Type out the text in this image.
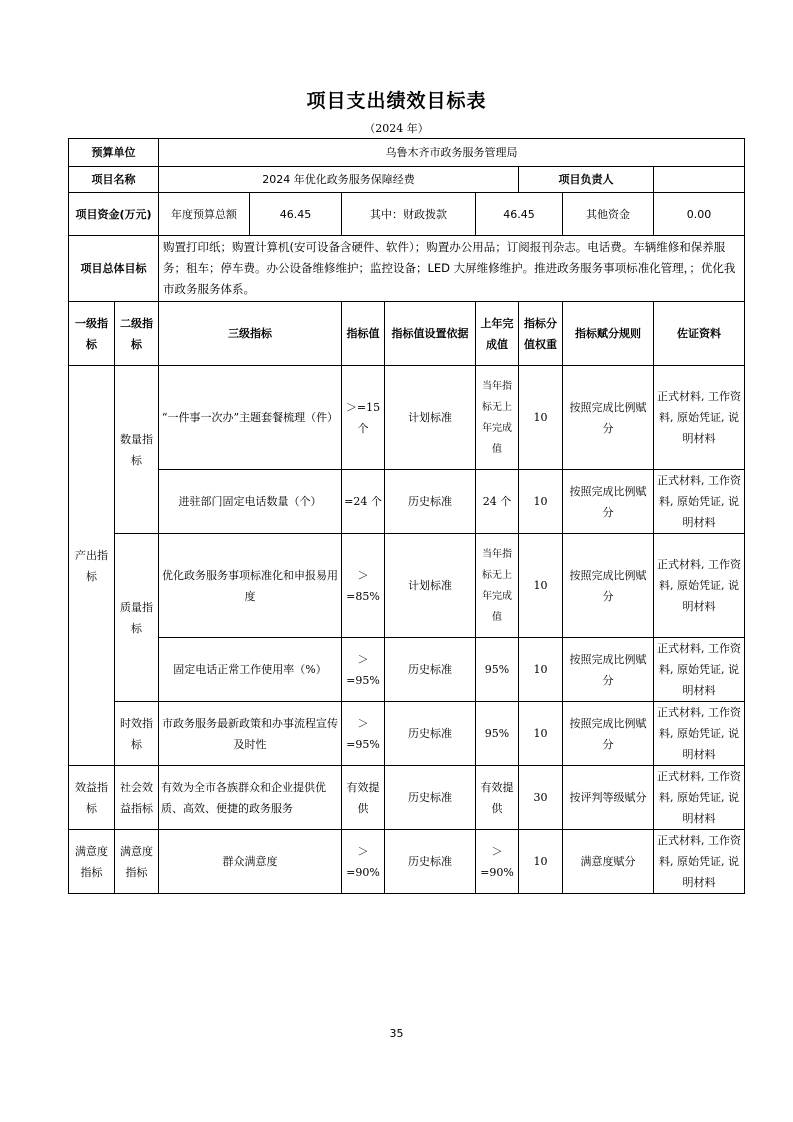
项目支出绩效目标表
（2024 年）
预算单位		乌鲁木齐市政务服务管理局							
项目名称		2024 年优化政务服务保障经费					项目负责人		
项目资金(万元)		年度预算总额	46.45	其中：财政拨款		46.45		其他资金	0.00
项目总体目标		购置打印纸；购置计算机(安可设备含硬件、软件）；购置办公用品；订阅报刊杂志。电话费。车辆维修和保养服务；租车；停车费。办公设备维修维护；监控设备；LED 大屏维修维护。推进政务服务事项标准化管理，；优化我市政务服务体系。							
一级指标	二级指标	三级指标		指标值	指标值设置依据	上年完成值	指标分值权重	指标赋分规则	佐证资料
产出指标	数量指标	“一件事一次办”主题套餐梳理（件）		＞=15个	计划标准	当年指标无上年完成值	10	按照完成比例赋分	正式材料, 工作资料, 原始凭证, 说明材料
		进驻部门固定电话数量（个）		=24 个	历史标准	24 个	10	按照完成比例赋分	正式材料, 工作资料, 原始凭证, 说明材料
	质量指标	优化政务服务事项标准化和申报易用度		＞=85%	计划标准	当年指标无上年完成值	10	按照完成比例赋分	正式材料, 工作资料, 原始凭证, 说明材料
		固定电话正常工作使用率（%）		＞=95%	历史标准	95%	10	按照完成比例赋分	正式材料, 工作资料, 原始凭证, 说明材料
	时效指标	市政务服务最新政策和办事流程宣传及时性		＞=95%	历史标准	95%	10	按照完成比例赋分	正式材料, 工作资料, 原始凭证, 说明材料
效益指标	社会效益指标	有效为全市各族群众和企业提供优质、高效、便捷的政务服务		有效提供	历史标准	有效提供	30	按评判等级赋分	正式材料, 工作资料, 原始凭证, 说明材料
满意度指标	满意度指标	群众满意度		＞=90%	历史标准	＞=90%	10	满意度赋分	正式材料, 工作资料, 原始凭证, 说明材料
35
